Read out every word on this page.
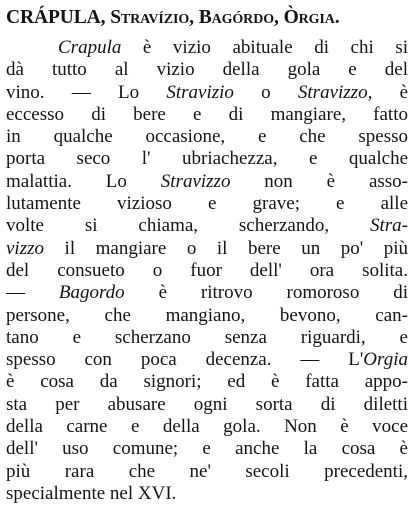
CRÁPULA, Stravízio, Bagórdo, Òrgia.
Crapula è vizio abituale di chi si
dà tutto al vizio della gola e del
vino. — Lo Stravizio o Stravizzo, è
eccesso di bere e di mangiare, fatto
in qualche occasione, e che spesso
porta seco l' ubriachezza, e qualche
malattia. Lo Stravizzo non è asso-
lutamente vizioso e grave; e alle
volte si chiama, scherzando, Stra-
vizzo il mangiare o il bere un po' più
del consueto o fuor dell' ora solita.
— Bagordo è ritrovo romoroso di
persone, che mangiano, bevono, can-
tano e scherzano senza riguardi, e
spesso con poca decenza. — L'Orgia
è cosa da signori; ed è fatta appo-
sta per abusare ogni sorta di diletti
della carne e della gola. Non è voce
dell' uso comune; e anche la cosa è
più rara che ne' secoli precedenti,
specialmente nel XVI.
